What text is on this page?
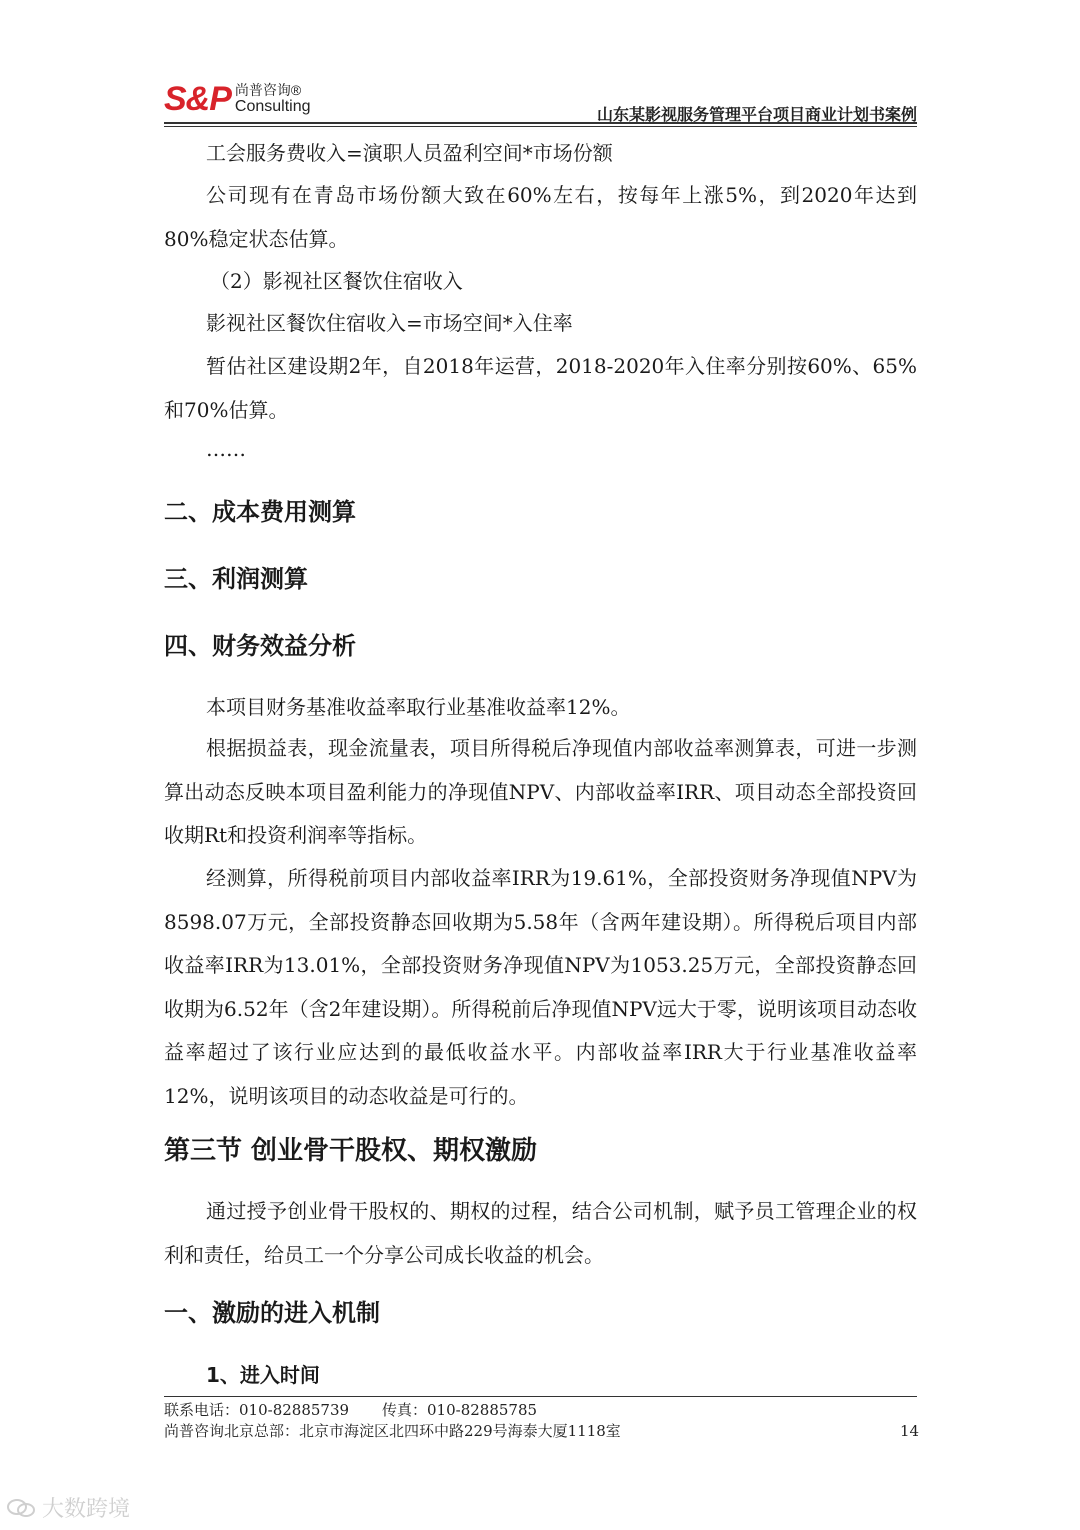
S&P 尚普咨询®
Consulting	山东某影视服务管理平台项目商业计划书案例
工会服务费收入=演职人员盈利空间*市场份额

公司现有在青岛市场份额大致在60%左右，按每年上涨5%，到2020年达到80%稳定状态估算。

（2）影视社区餐饮住宿收入
影视社区餐饮住宿收入=市场空间*入住率

暂估社区建设期2年，自2018年运营，2018-2020年入住率分别按60%、65%和70%估算。

……
二、成本费用测算
三、利润测算
四、财务效益分析
本项目财务基准收益率取行业基准收益率12%。

根据损益表，现金流量表，项目所得税后净现值内部收益率测算表，可进一步测算出动态反映本项目盈利能力的净现值NPV、内部收益率IRR、项目动态全部投资回收期Rt和投资利润率等指标。

经测算，所得税前项目内部收益率IRR为19.61%，全部投资财务净现值NPV为8598.07万元，全部投资静态回收期为5.58年（含两年建设期）。所得税后项目内部收益率IRR为13.01%，全部投资财务净现值NPV为1053.25万元，全部投资静态回收期为6.52年（含2年建设期）。所得税前后净现值NPV远大于零，说明该项目动态收益率超过了该行业应达到的最低收益水平。内部收益率IRR大于行业基准收益率12%，说明该项目的动态收益是可行的。

第三节 创业骨干股权、期权激励

通过授予创业骨干股权的、期权的过程，结合公司机制，赋予员工管理企业的权利和责任，给员工一个分享公司成长收益的机会。

一、激励的进入机制
1、进入时间
联系电话：010-82885739 传真：010-82885785
尚普咨询北京总部：北京市海淀区北四环中路229号海泰大厦1118室	14
大数跨境
